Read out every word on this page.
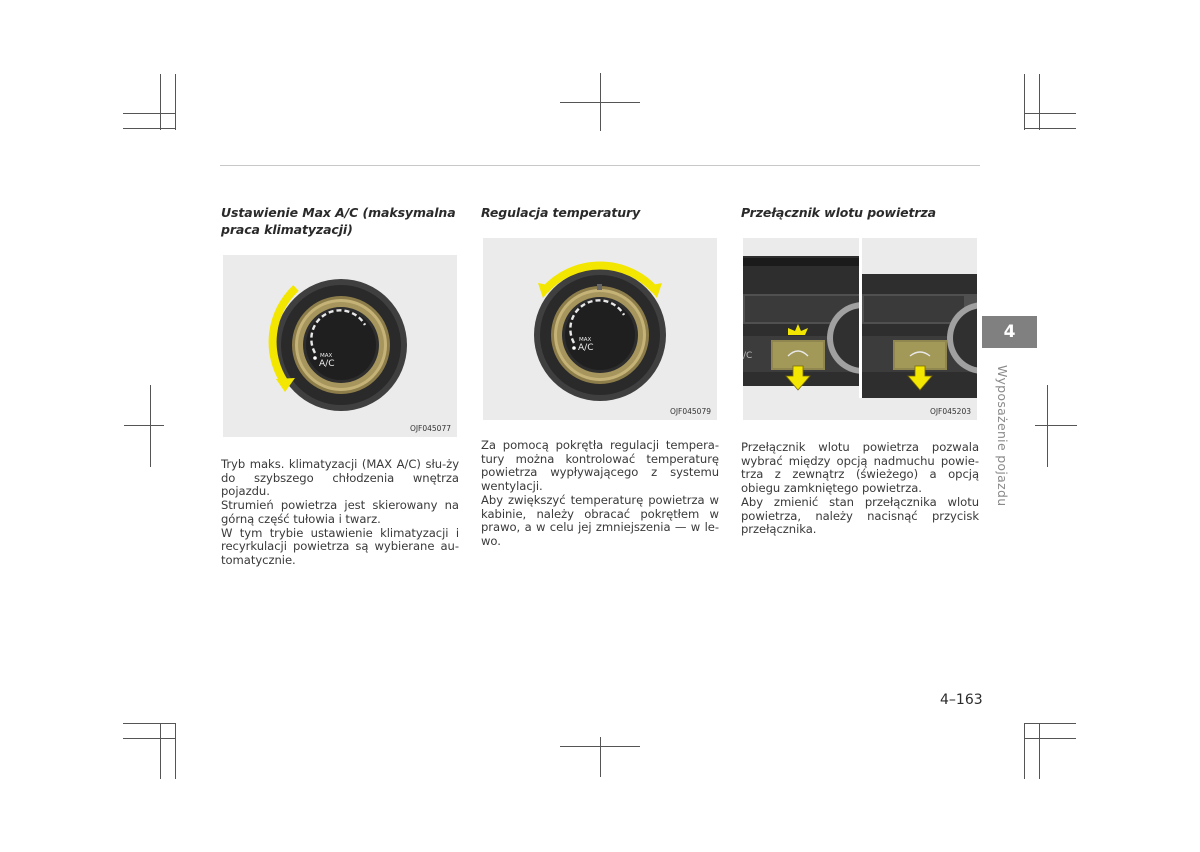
Ustawienie Max A/C (maksymalna praca klimatyzacji)
MAX
A/C
OJF045077

Tryb maks. klimatyzacji (MAX A/C) słu-żу do szybszego chłodzenia wnętrza pojazdu.

Strumień powietrza jest skierowany na górną część tułowia i twarz.

W tym trybie ustawienie klimatyzacji i recyrkulacji powietrza są wybierane au-tomatycznie.

Regulacja temperatury
MAX
A/C
OJF045079

Za pomocą pokrętła regulacji tempera-tury można kontrolować temperaturę powietrza wypływającego z systemu wentylacji.

Aby zwiększyć temperaturę powietrza w kabinie, należy obracać pokrętłem w prawo, a w celu jej zmniejszenia — w le-wo.

Przełącznik wlotu powietrza
/C
OJF045203

Przełącznik wlotu powietrza pozwala wybrać między opcją nadmuchu powie-trza z zewnątrz (świeżego) a opcją obiegu zamkniętego powietrza.

Aby zmienić stan przełącznika wlotu powietrza, należy nacisnąć przycisk przełącznika.

4
Wyposażenie pojazdu
4–163
